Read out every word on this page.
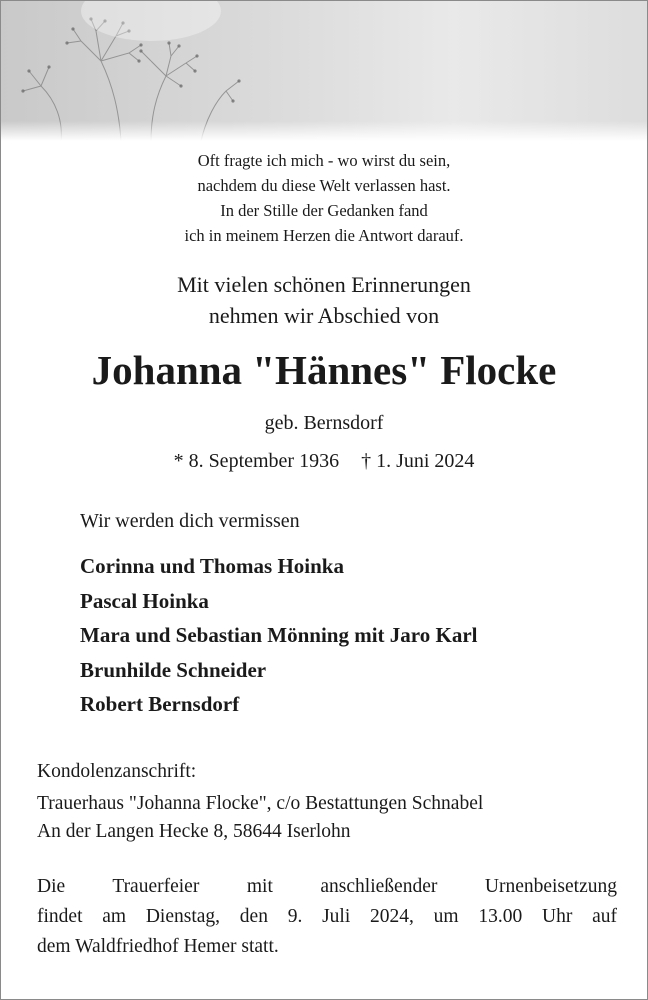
Oft fragte ich mich - wo wirst du sein,
nachdem du diese Welt verlassen hast.
In der Stille der Gedanken fand
ich in meinem Herzen die Antwort darauf.
Mit vielen schönen Erinnerungen
nehmen wir Abschied von
Johanna "Hännes" Flocke
geb. Bernsdorf
* 8. September 1936 † 1. Juni 2024
Wir werden dich vermissen
Corinna und Thomas Hoinka
Pascal Hoinka
Mara und Sebastian Mönning mit Jaro Karl
Brunhilde Schneider
Robert Bernsdorf
Kondolenzanschrift:
Trauerhaus "Johanna Flocke", c/o Bestattungen Schnabel
An der Langen Hecke 8, 58644 Iserlohn
Die Trauerfeier mit anschließender Urnenbeisetzung
findet am Dienstag, den 9. Juli 2024, um 13.00 Uhr auf
dem Waldfriedhof Hemer statt.
